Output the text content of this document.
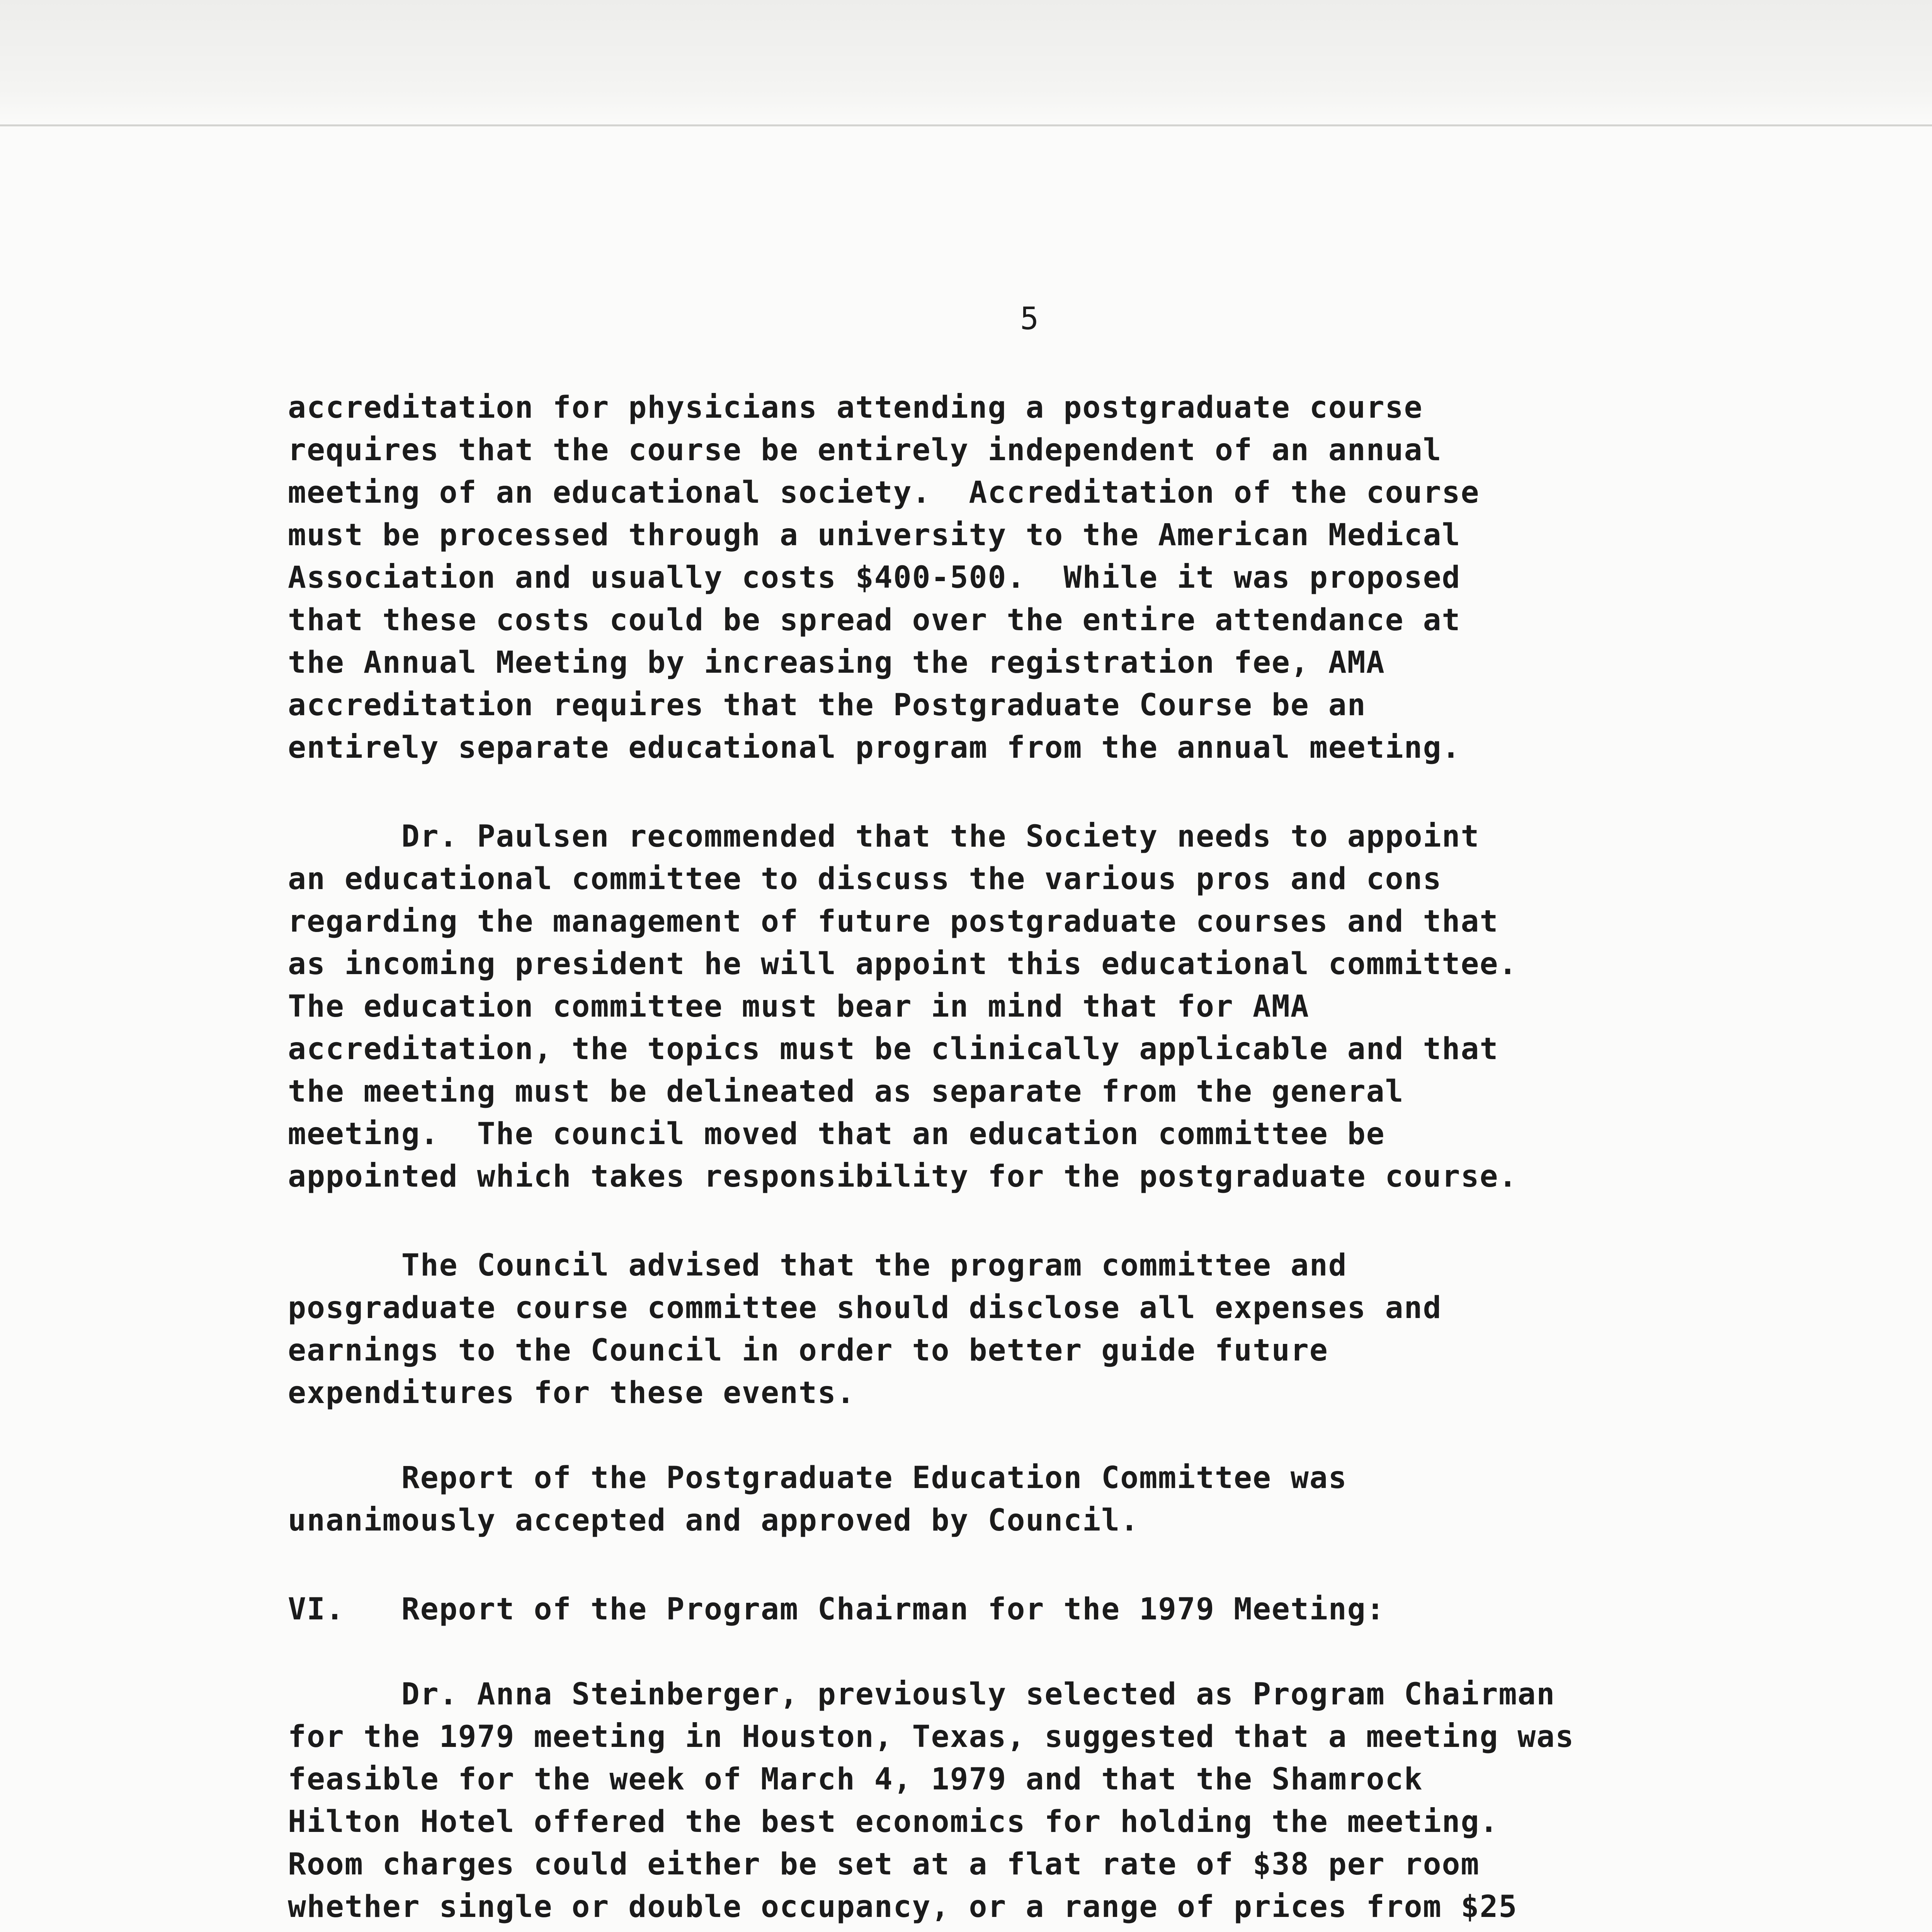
5

accreditation for physicians attending a postgraduate course
requires that the course be entirely independent of an annual
meeting of an educational society.  Accreditation of the course
must be processed through a university to the American Medical
Association and usually costs $400-500.  While it was proposed
that these costs could be spread over the entire attendance at
the Annual Meeting by increasing the registration fee, AMA
accreditation requires that the Postgraduate Course be an
entirely separate educational program from the annual meeting.

Dr. Paulsen recommended that the Society needs to appoint
an educational committee to discuss the various pros and cons
regarding the management of future postgraduate courses and that
as incoming president he will appoint this educational committee.
The education committee must bear in mind that for AMA
accreditation, the topics must be clinically applicable and that
the meeting must be delineated as separate from the general
meeting.  The council moved that an education committee be
appointed which takes responsibility for the postgraduate course.

The Council advised that the program committee and
posgraduate course committee should disclose all expenses and
earnings to the Council in order to better guide future
expenditures for these events.

Report of the Postgraduate Education Committee was
unanimously accepted and approved by Council.

VI.   Report of the Program Chairman for the 1979 Meeting:

Dr. Anna Steinberger, previously selected as Program Chairman
for the 1979 meeting in Houston, Texas, suggested that a meeting was
feasible for the week of March 4, 1979 and that the Shamrock
Hilton Hotel offered the best economics for holding the meeting.
Room charges could either be set at a flat rate of $38 per room
whether single or double occupancy, or a range of prices from $25
